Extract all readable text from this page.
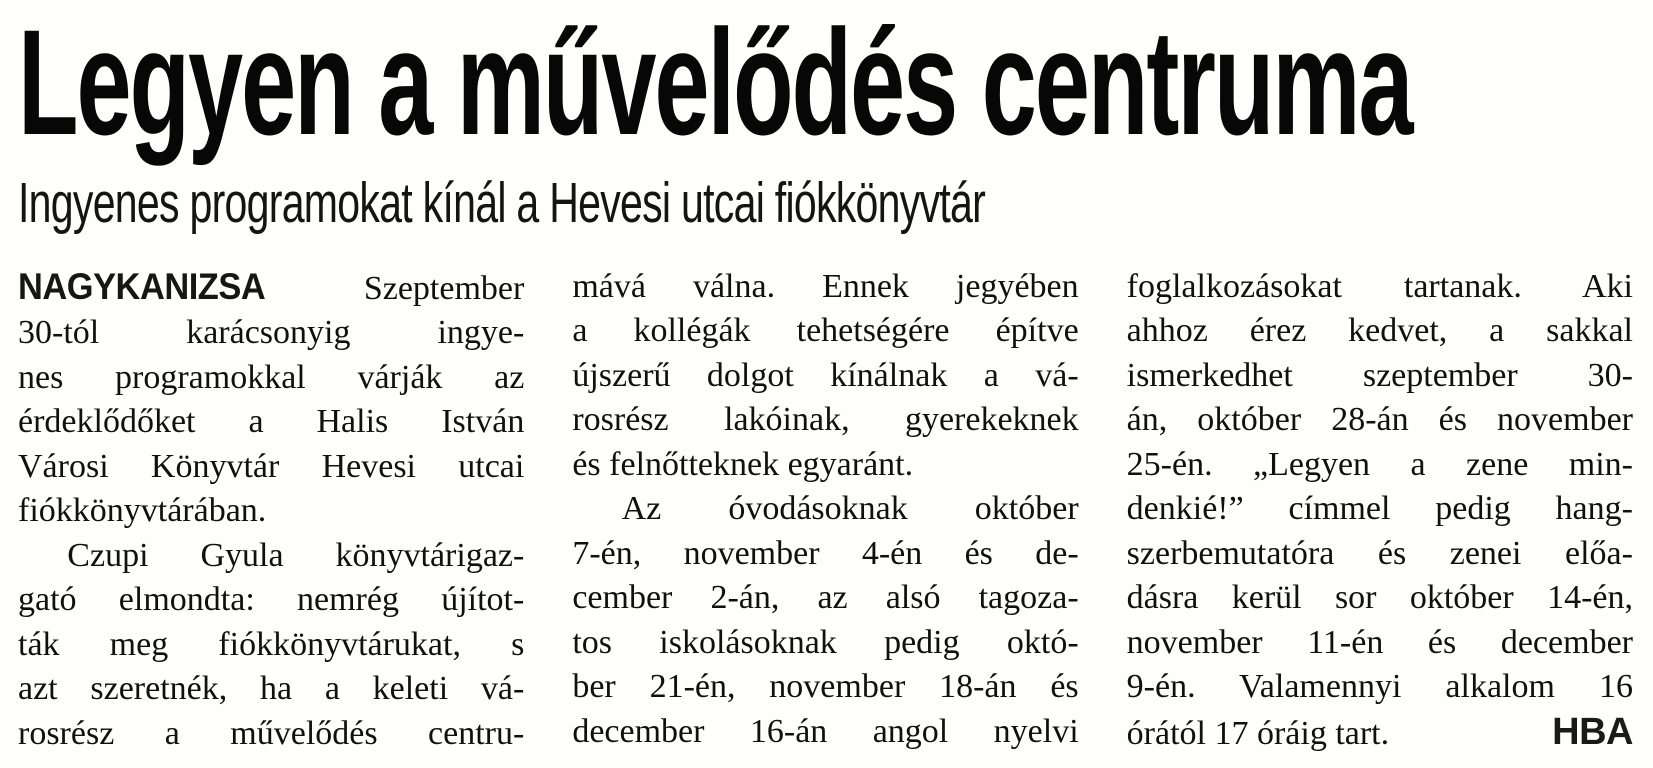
Legyen a művelődés centruma
Ingyenes programokat kínál a Hevesi utcai fiókkönyvtár
NAGYKANIZSA	Szeptember
30-tól karácsonyig ingye-
nes programokkal várják az
érdeklődőket a Halis István
Városi Könyvtár Hevesi utcai
fiókkönyvtárában.
Czupi Gyula könyvtárigaz-
gató elmondta: nemrég újítot-
ták meg fiókkönyvtárukat, s
azt szeretnék, ha a keleti vá-
rosrész a művelődés centru-
mává válna. Ennek jegyében
a kollégák tehetségére építve
újszerű dolgot kínálnak a vá-
rosrész lakóinak, gyerekeknek
és felnőtteknek egyaránt.
Az óvodásoknak október
7-én, november 4-én és de-
cember 2-án, az alsó tagoza-
tos iskolásoknak pedig októ-
ber 21-én, november 18-án és
december 16-án angol nyelvi
foglalkozásokat tartanak. Aki
ahhoz érez kedvet, a sakkal
ismerkedhet szeptember 30-
án, október 28-án és november
25-én. „Legyen a zene min-
denkié!” címmel pedig hang-
szerbemutatóra és zenei előa-
dásra kerül sor október 14-én,
november 11-én és december
9-én. Valamennyi alkalom 16
órától 17 óráig tart.	HBA
